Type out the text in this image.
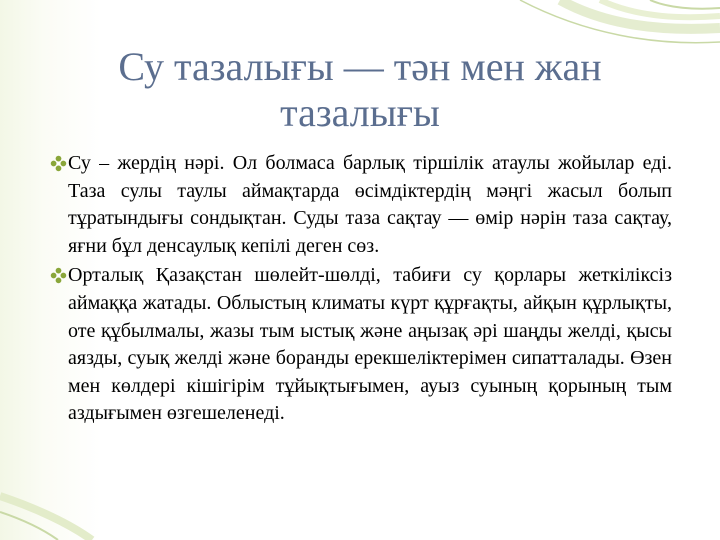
Су тазалығы — тән мен жан
тазалығы
Су – жердің нәрі. Ол болмаса барлық тіршілік атаулы жойылар еді. Таза сулы таулы аймақтарда өсімдіктердің мәңгі жасыл болып тұратындығы сондықтан. Суды таза сақтау — өмір нәрін таза сақтау, яғни бұл денсаулық кепілі деген сөз.
Орталық Қазақстан шөлейт-шөлді, табиғи су қорлары жеткіліксіз аймаққа жатады. Облыстың климаты күрт құрғақты, айқын құрлықты, оте құбылмалы, жазы тым ыстық және аңызақ әрі шаңды желді, қысы аязды, суық желді және боранды ерекшеліктерімен сипатталады. Өзен мен көлдері кішігірім тұйықтығымен, ауыз суының қорының тым аздығымен өзгешеленеді.
